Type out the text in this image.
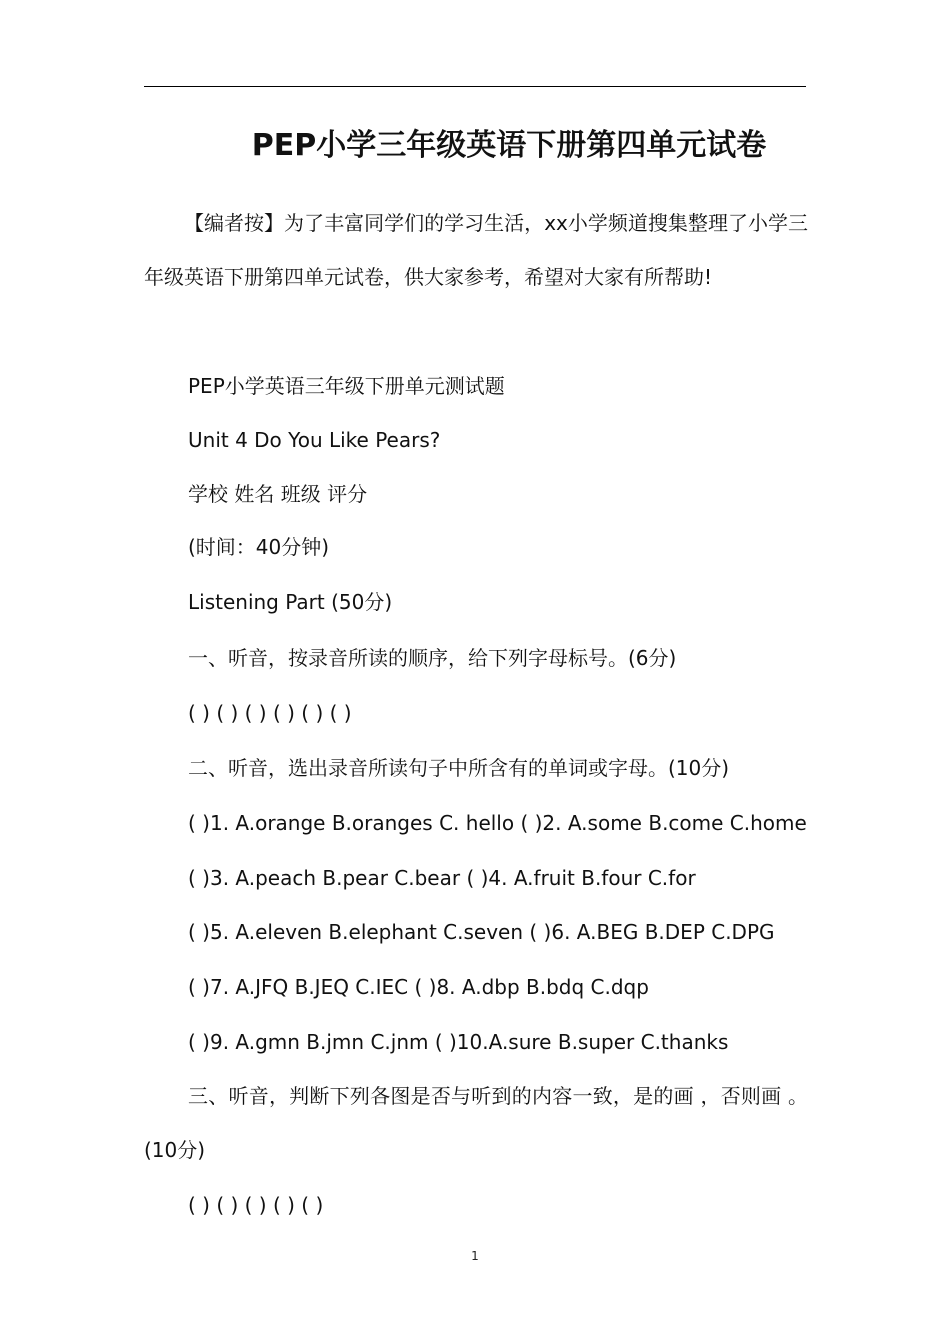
PEP小学三年级英语下册第四单元试卷
【编者按】为了丰富同学们的学习生活，xx小学频道搜集整理了小学三年级英语下册第四单元试卷，供大家参考，希望对大家有所帮助!
PEP小学英语三年级下册单元测试题
Unit 4 Do You Like Pears?
学校 姓名 班级 评分
(时间：40分钟)
Listening Part (50分)
一、听音，按录音所读的顺序，给下列字母标号。(6分)
( ) ( ) ( ) ( ) ( ) ( )
二、听音，选出录音所读句子中所含有的单词或字母。(10分)
( )1. A.orange B.oranges C. hello ( )2. A.some B.come C.home
( )3. A.peach B.pear C.bear ( )4. A.fruit B.four C.for
( )5. A.eleven B.elephant C.seven ( )6. A.BEG B.DEP C.DPG
( )7. A.JFQ B.JEQ C.IEC ( )8. A.dbp B.bdq C.dqp
( )9. A.gmn B.jmn C.jnm ( )10.A.sure B.super C.thanks
三、听音，判断下列各图是否与听到的内容一致，是的画 ，否则画 。(10分)
( ) ( ) ( ) ( ) ( )
1
